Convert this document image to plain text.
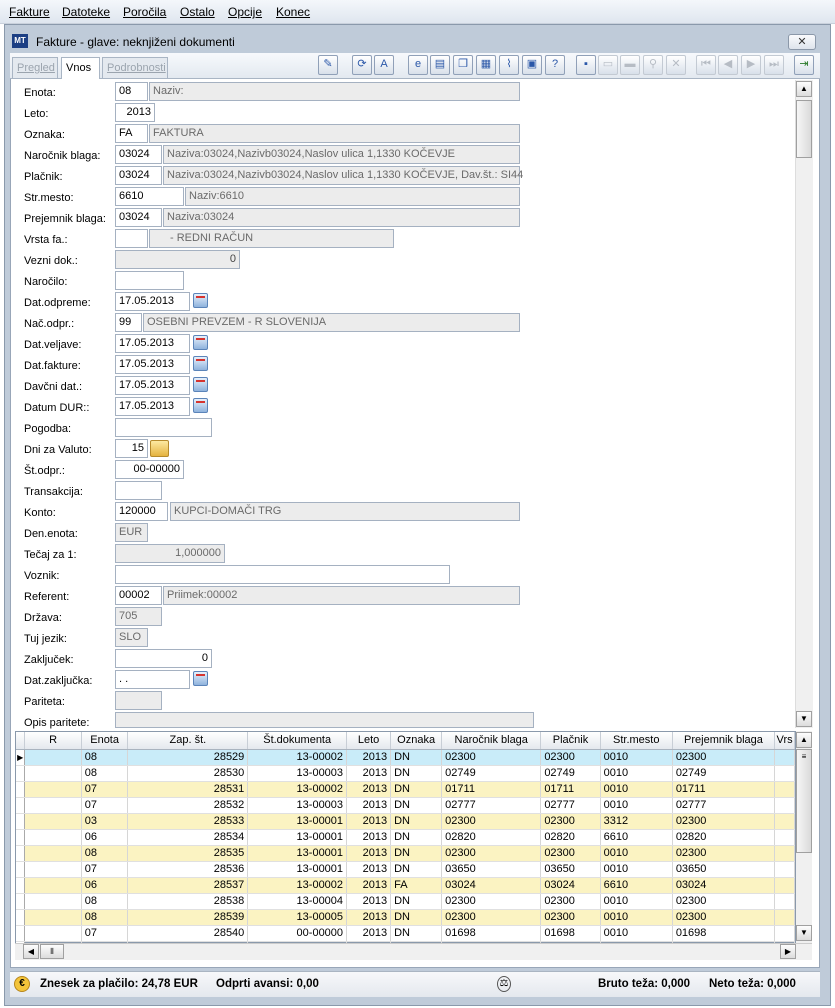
Fakture Datoteke Poročila Ostalo Opcije Konec
MT Fakture - glave: neknjiženi dokumenti	✕
Pregled	Vnos	Podrobnosti	✎	⟳	A	e	▤	❐	▦	⌇	▣	?	▪	▭	▬	⚲	✕	⏮	◀	▶	⏭	⇥
Enota:	08	Naziv:
Leto:	2013
Oznaka:	FA	FAKTURA
Naročnik blaga:	03024	Naziva:03024,Nazivb03024,Naslov ulica 1,1330 KOČEVJE
Plačnik:	03024	Naziva:03024,Nazivb03024,Naslov ulica 1,1330 KOČEVJE, Dav.št.: SI44
Str.mesto:	6610	Naziv:6610
Prejemnik blaga:	03024	Naziva:03024
Vrsta fa.:	- REDNI RAČUN
Vezni dok.:	0
Naročilo:
Dat.odpreme:	17.05.2013
Nač.odpr.:	99	OSEBNI PREVZEM - R SLOVENIJA
Dat.veljave:	17.05.2013
Dat.fakture:	17.05.2013
Davčni dat.:	17.05.2013
Datum DUR::	17.05.2013
Pogodba:
Dni za Valuto:	15
Št.odpr.:	00-00000
Transakcija:
Konto:	120000	KUPCI-DOMAČI TRG
Den.enota:	EUR
Tečaj za 1:	1,000000
Voznik:
Referent:	00002	Priimek:00002
Država:	705
Tuj jezik:	SLO
Zaključek:	0
Dat.zaključka:	. .
Pariteta:
Opis paritete:
▲
▼
	R	Enota	Zap. št.	Št.dokumenta	Leto	Oznaka	Naročnik blaga	Plačnik	Str.mesto	Prejemnik blaga	Vrs
▶		08	28529	13-00002	2013	DN	02300	02300	0010	02300	
		08	28530	13-00003	2013	DN	02749	02749	0010	02749	
		07	28531	13-00002	2013	DN	01711	01711	0010	01711	
		07	28532	13-00003	2013	DN	02777	02777	0010	02777	
		03	28533	13-00001	2013	DN	02300	02300	3312	02300	
		06	28534	13-00001	2013	DN	02820	02820	6610	02820	
		08	28535	13-00001	2013	DN	02300	02300	0010	02300	
		07	28536	13-00001	2013	DN	03650	03650	0010	03650	
		06	28537	13-00002	2013	FA	03024	03024	6610	03024	
		08	28538	13-00004	2013	DN	02300	02300	0010	02300	
		08	28539	13-00005	2013	DN	02300	02300	0010	02300	
		07	28540	00-00000	2013	DN	01698	01698	0010	01698	

▲
≡
▼
◀	⦀	▶
Znesek za plačilo: 24,78 EUR Odprti avansi: 0,00	⚖	Bruto teža: 0,000 Neto teža: 0,000
€
